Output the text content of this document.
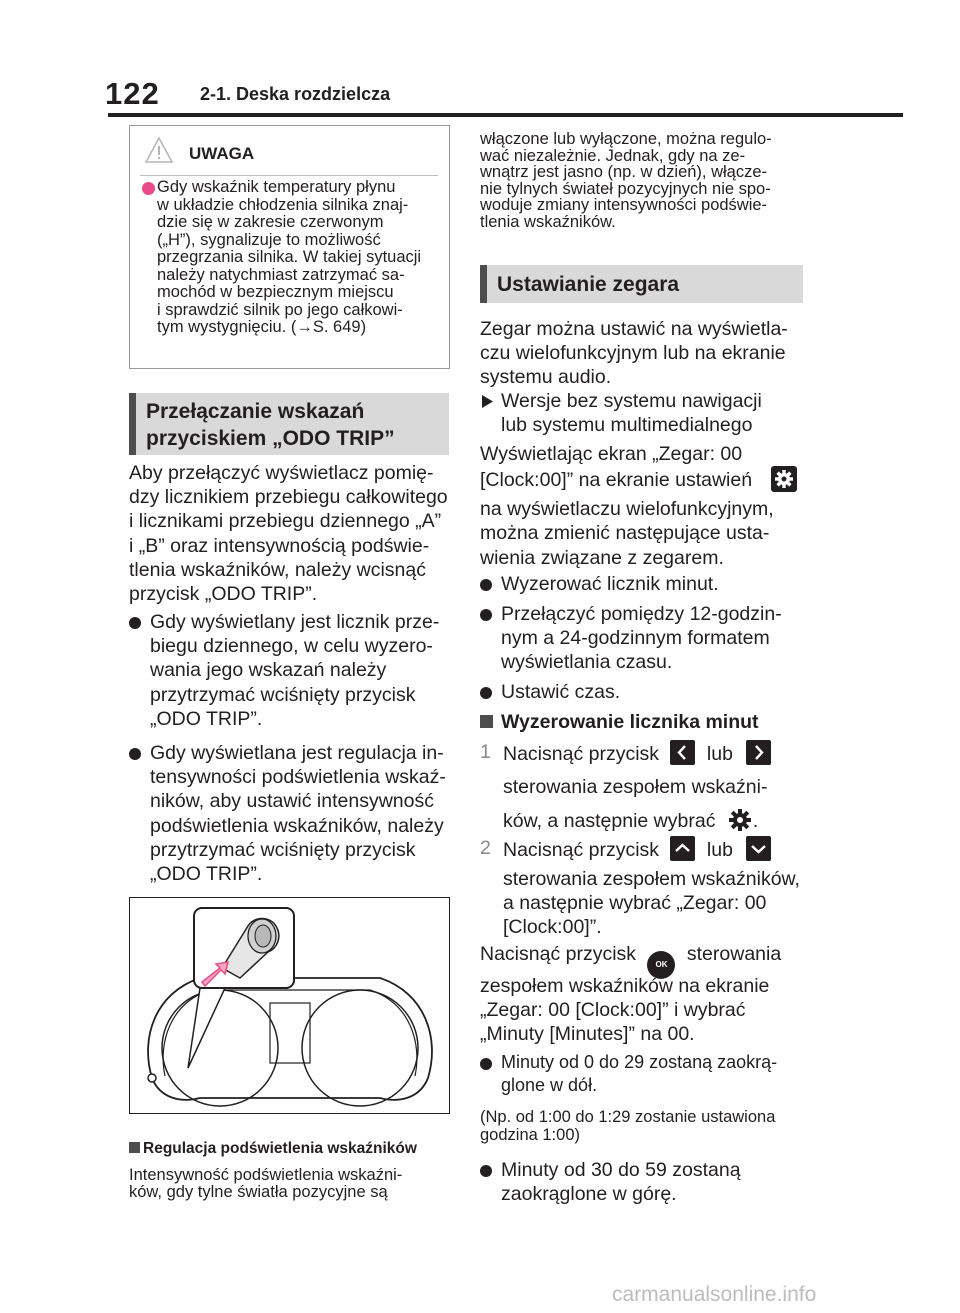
122 2-1. Deska rozdzielcza
UWAGA
Gdy wskaźnik temperatury płynu
w układzie chłodzenia silnika znaj-
dzie się w zakresie czerwonym
(„H”), sygnalizuje to możliwość
przegrzania silnika. W takiej sytuacji
należy natychmiast zatrzymać sa-
mochód w bezpiecznym miejscu
i sprawdzić silnik po jego całkowi-
tym wystygnięciu. (→S. 649)
Przełączanie wskazań
przyciskiem „ODO TRIP”
Aby przełączyć wyświetlacz pomię-
dzy licznikiem przebiegu całkowitego
i licznikami przebiegu dziennego „A”
i „B” oraz intensywnością podświe-
tlenia wskaźników, należy wcisnąć
przycisk „ODO TRIP”.
Gdy wyświetlany jest licznik prze-
biegu dziennego, w celu wyzero-
wania jego wskazań należy
przytrzymać wciśnięty przycisk
„ODO TRIP”.
Gdy wyświetlana jest regulacja in-
tensywności podświetlenia wskaź-
ników, aby ustawić intensywność
podświetlenia wskaźników, należy
przytrzymać wciśnięty przycisk
„ODO TRIP”.
Regulacja podświetlenia wskaźników
Intensywność podświetlenia wskaźni-
ków, gdy tylne światła pozycyjne są
włączone lub wyłączone, można regulo-
wać niezależnie. Jednak, gdy na ze-
wnątrz jest jasno (np. w dzień), włącze-
nie tylnych świateł pozycyjnych nie spo-
woduje zmiany intensywności podświe-
tlenia wskaźników.
Ustawianie zegara
Zegar można ustawić na wyświetla-
czu wielofunkcyjnym lub na ekranie
systemu audio.
Wersje bez systemu nawigacji
lub systemu multimedialnego
Wyświetlając ekran „Zegar: 00
[Clock:00]” na ekranie ustawień
na wyświetlaczu wielofunkcyjnym,
można zmienić następujące usta-
wienia związane z zegarem.
Wyzerować licznik minut.
Przełączyć pomiędzy 12-godzin-
nym a 24-godzinnym formatem
wyświetlania czasu.
Ustawić czas.
Wyzerowanie licznika minut
1 Nacisnąć przycisk lub
sterowania zespołem wskaźni-
ków, a następnie wybrać .
2 Nacisnąć przycisk lub
sterowania zespołem wskaźników,
a następnie wybrać „Zegar: 00
[Clock:00]”.
Nacisnąć przycisk OK sterowania
zespołem wskaźników na ekranie
„Zegar: 00 [Clock:00]” i wybrać
„Minuty [Minutes]” na 00.
Minuty od 0 do 29 zostaną zaokrą-
glone w dół.
(Np. od 1:00 do 1:29 zostanie ustawiona
godzina 1:00)
Minuty od 30 do 59 zostaną
zaokrąglone w górę.
carmanualsonline.info
